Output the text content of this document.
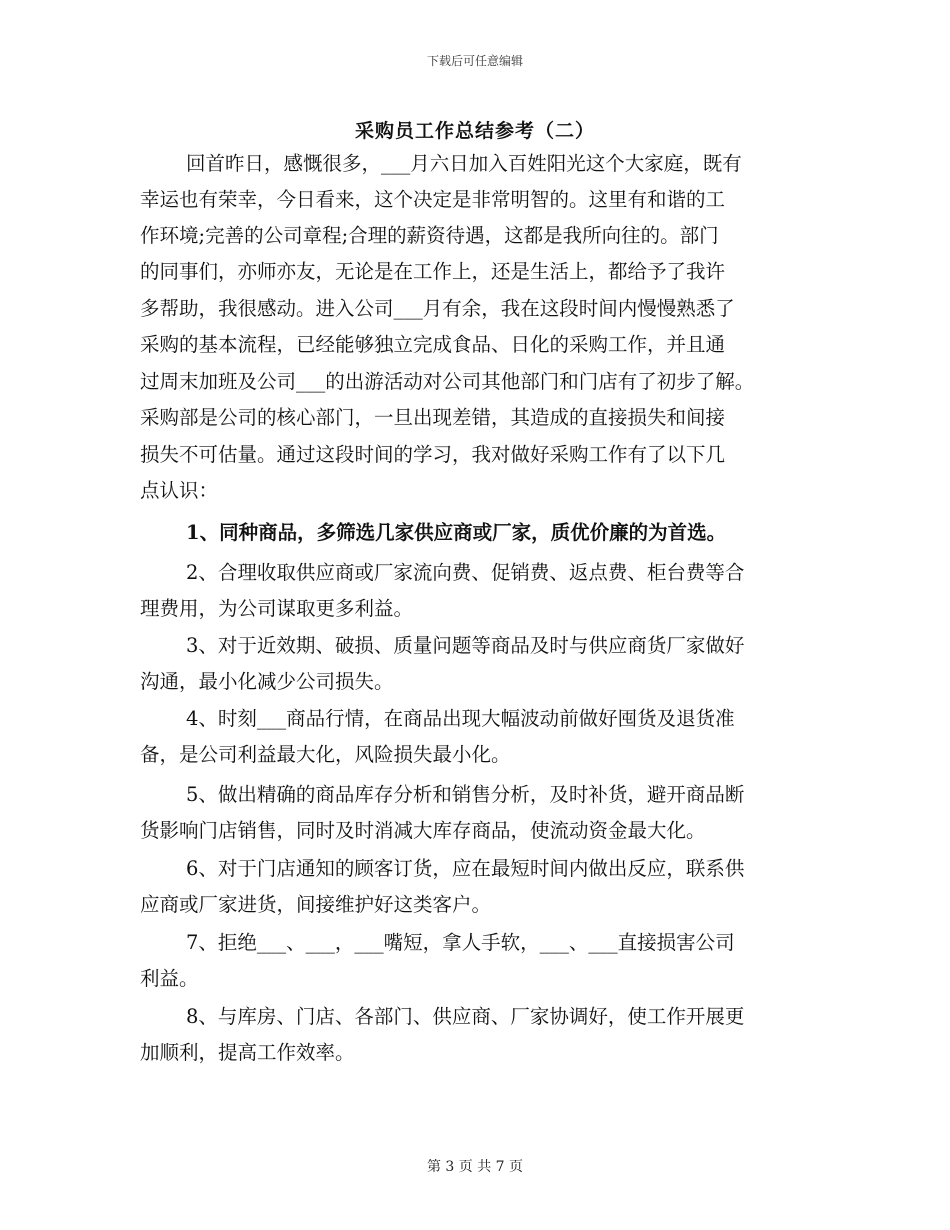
下载后可任意编辑
采购员工作总结参考（二）
回首昨日，感慨很多，___月六日加入百姓阳光这个大家庭，既有
幸运也有荣幸，今日看来，这个决定是非常明智的。这里有和谐的工
作环境;完善的公司章程;合理的薪资待遇，这都是我所向往的。部门
的同事们，亦师亦友，无论是在工作上，还是生活上，都给予了我许
多帮助，我很感动。进入公司___月有余，我在这段时间内慢慢熟悉了
采购的基本流程，已经能够独立完成食品、日化的采购工作，并且通
过周末加班及公司___的出游活动对公司其他部门和门店有了初步了解。
采购部是公司的核心部门，一旦出现差错，其造成的直接损失和间接
损失不可估量。通过这段时间的学习，我对做好采购工作有了以下几
点认识：
1、同种商品，多筛选几家供应商或厂家，质优价廉的为首选。
2、合理收取供应商或厂家流向费、促销费、返点费、柜台费等合
理费用，为公司谋取更多利益。
3、对于近效期、破损、质量问题等商品及时与供应商货厂家做好
沟通，最小化减少公司损失。
4、时刻___商品行情，在商品出现大幅波动前做好囤货及退货准
备，是公司利益最大化，风险损失最小化。
5、做出精确的商品库存分析和销售分析，及时补货，避开商品断
货影响门店销售，同时及时消减大库存商品，使流动资金最大化。
6、对于门店通知的顾客订货，应在最短时间内做出反应，联系供
应商或厂家进货，间接维护好这类客户。
7、拒绝___、___，___嘴短，拿人手软，___、___直接损害公司
利益。
8、与库房、门店、各部门、供应商、厂家协调好，使工作开展更
加顺利，提高工作效率。
第 3 页 共 7 页
